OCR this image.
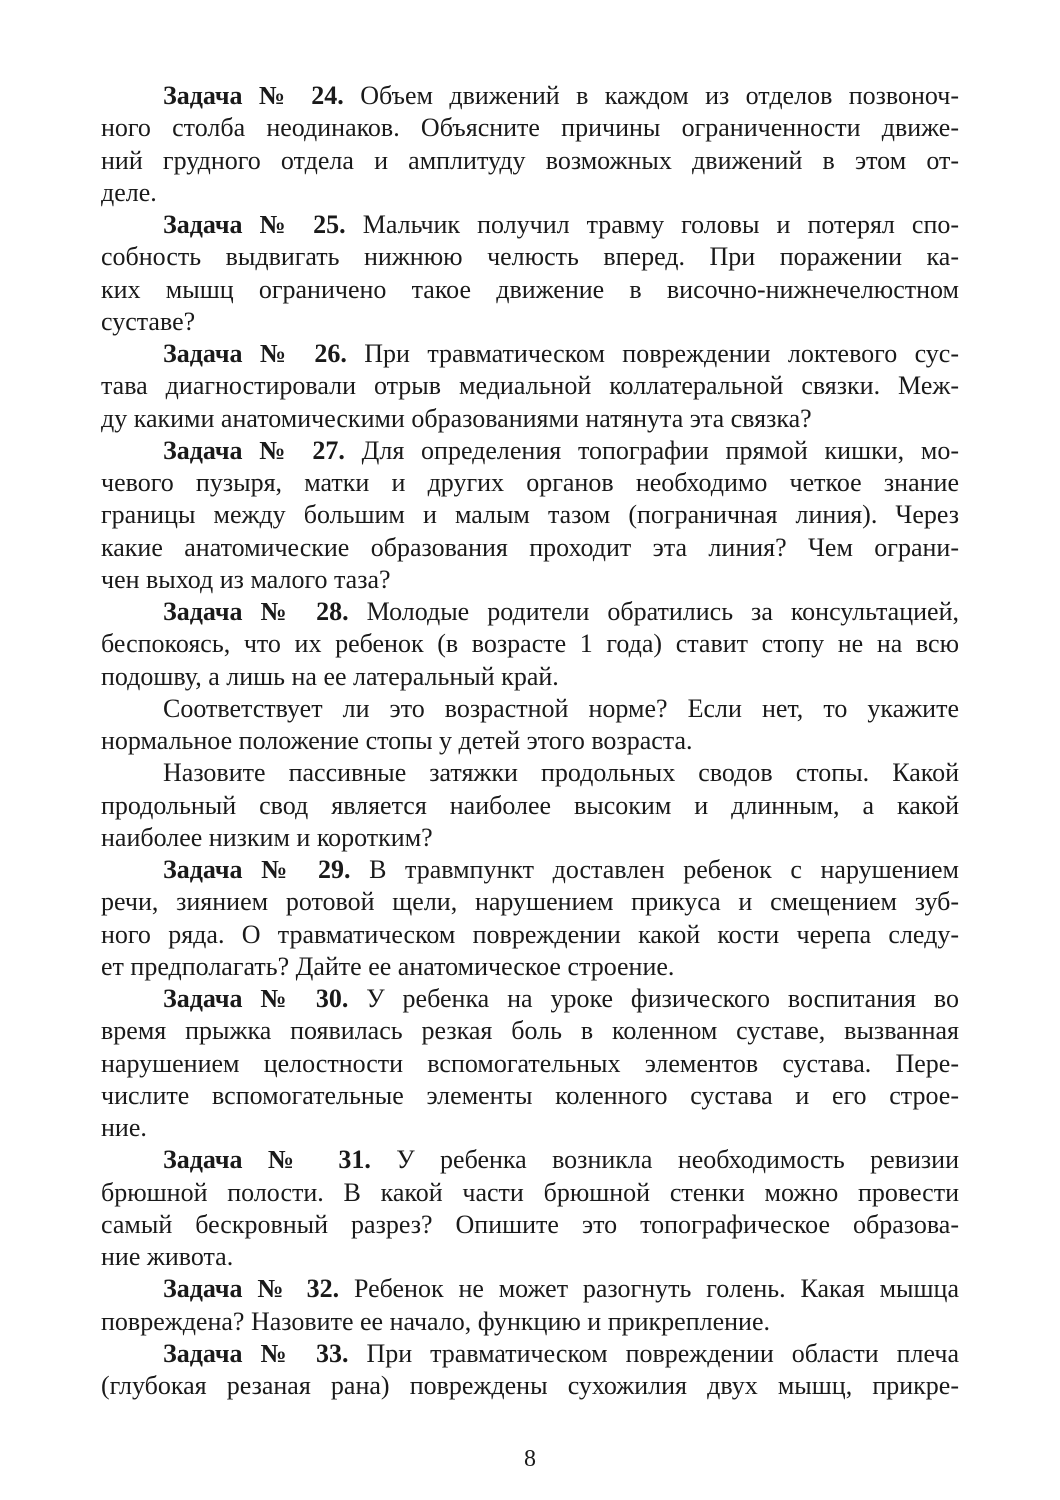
Задача № 24. Объем движений в каждом из отделов позвоноч-
ного столба неодинаков. Объясните причины ограниченности движе-
ний грудного отдела и амплитуду возможных движений в этом от-
деле.
Задача № 25. Мальчик получил травму головы и потерял спо-
собность выдвигать нижнюю челюсть вперед. При поражении ка-
ких мышц ограничено такое движение в височно-нижнечелюстном
суставе?
Задача № 26. При травматическом повреждении локтевого сус-
тава диагностировали отрыв медиальной коллатеральной связки. Меж-
ду какими анатомическими образованиями натянута эта связка?
Задача № 27. Для определения топографии прямой кишки, мо-
чевого пузыря, матки и других органов необходимо четкое знание
границы между большим и малым тазом (пограничная линия). Через
какие анатомические образования проходит эта линия? Чем ограни-
чен выход из малого таза?
Задача № 28. Молодые родители обратились за консультацией,
беспокоясь, что их ребенок (в возрасте 1 года) ставит стопу не на всю
подошву, а лишь на ее латеральный край.
Соответствует ли это возрастной норме? Если нет, то укажите
нормальное положение стопы у детей этого возраста.
Назовите пассивные затяжки продольных сводов стопы. Какой
продольный свод является наиболее высоким и длинным, а какой
наиболее низким и коротким?
Задача № 29. В травмпункт доставлен ребенок с нарушением
речи, зиянием ротовой щели, нарушением прикуса и смещением зуб-
ного ряда. О травматическом повреждении какой кости черепа следу-
ет предполагать? Дайте ее анатомическое строение.
Задача № 30. У ребенка на уроке физического воспитания во
время прыжка появилась резкая боль в коленном суставе, вызванная
нарушением целостности вспомогательных элементов сустава. Пере-
числите вспомогательные элементы коленного сустава и его строе-
ние.
Задача № 31. У ребенка возникла необходимость ревизии
брюшной полости. В какой части брюшной стенки можно провести
самый бескровный разрез? Опишите это топографическое образова-
ние живота.
Задача № 32. Ребенок не может разогнуть голень. Какая мышца
повреждена? Назовите ее начало, функцию и прикрепление.
Задача № 33. При травматическом повреждении области плеча
(глубокая резаная рана) повреждены сухожилия двух мышц, прикре-
8
